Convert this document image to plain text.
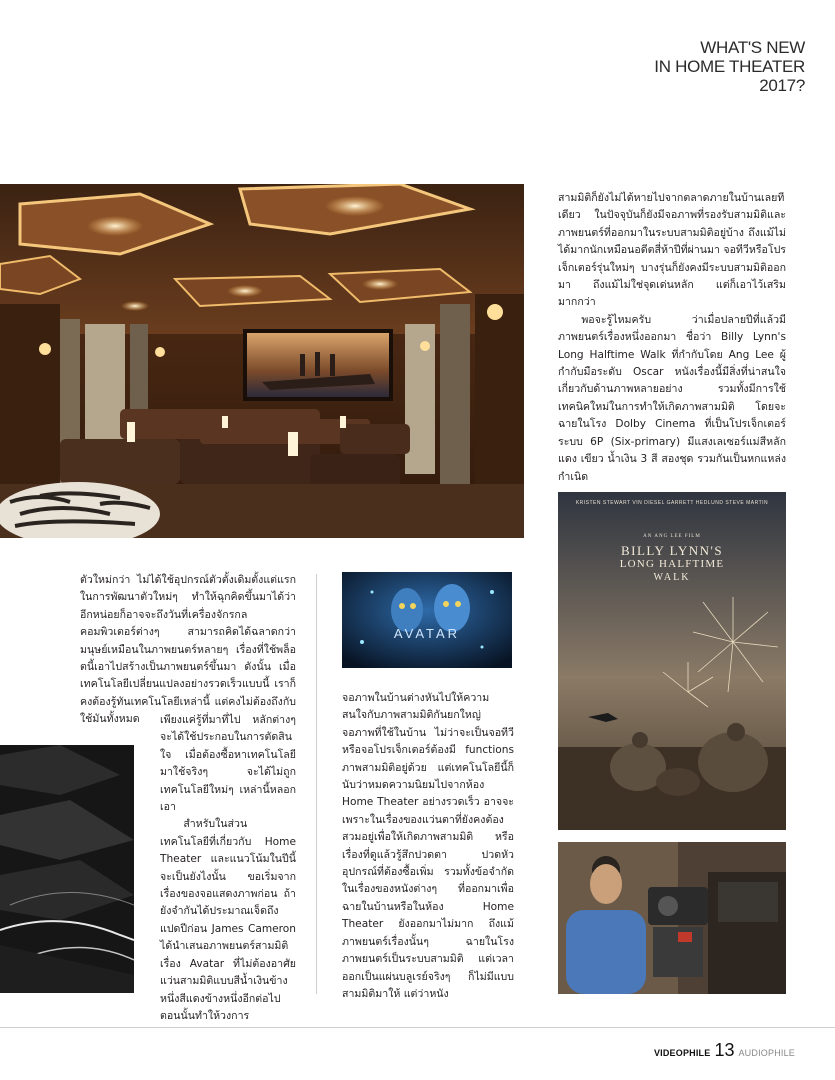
WHAT'S NEW
IN HOME THEATER
2017?

สามมิติก็ยังไม่ได้หายไปจากตลาดภายในบ้านเลยทีเดียว ในปัจจุบันก็ยังมีจอภาพที่รองรับสามมิติและภาพยนตร์ที่ออกมาในระบบสามมิติอยู่บ้าง ถึงแม้ไม่ได้มากนักเหมือนอดีตสี่ห้าปีที่ผ่านมา จอทีวีหรือโปรเจ็กเตอร์รุ่นใหม่ๆ บางรุ่นก็ยังคงมีระบบสามมิติออกมา ถึงแม้ไม่ใช่จุดเด่นหลัก แต่ก็เอาไว้เสริมมากกว่า

พอจะรู้ไหมครับ ว่าเมื่อปลายปีที่แล้วมีภาพยนตร์เรื่องหนึ่งออกมา ชื่อว่า Billy Lynn's Long Halftime Walk ที่กำกับโดย Ang Lee ผู้กำกับมือระดับ Oscar หนังเรื่องนี้มีสิ่งที่น่าสนใจเกี่ยวกับด้านภาพหลายอย่าง รวมทั้งมีการใช้เทคนิคใหม่ในการทำให้เกิดภาพสามมิติ โดยจะฉายในโรง Dolby Cinema ที่เป็นโปรเจ็กเตอร์ระบบ 6P (Six-primary) มีแสงเลเซอร์แม่สีหลัก แดง เขียว น้ำเงิน 3 สี สองชุด รวมกันเป็นหกแหล่งกำเนิด

KRISTEN STEWART VIN DIESEL GARRETT HEDLUND STEVE MARTIN
AN ANG LEE FILM
BILLY LYNN'S
LONG HALFTIME
WALK

ตัวใหม่กว่า ไม่ได้ใช้อุปกรณ์ตัวตั้งเดิมตั้งแต่แรกในการพัฒนาตัวใหม่ๆ ทำให้ฉุกคิดขึ้นมาได้ว่า อีกหน่อยก็อาจจะถึงวันที่เครื่องจักรกลคอมพิวเตอร์ต่างๆ สามารถคิดได้ฉลาดกว่ามนุษย์เหมือนในภาพยนตร์หลายๆ เรื่องที่ใช้พล็อตนี้เอาไปสร้างเป็นภาพยนตร์ขึ้นมา ดังนั้น เมื่อเทคโนโลยีเปลี่ยนแปลงอย่างรวดเร็วแบบนี้ เราก็คงต้องรู้ทันเทคโนโลยีเหล่านี้ แต่คงไม่ต้องถึงกับใช้มันทั้งหมด	เพียงแค่รู้ที่มาที่ไป หลักต่างๆ จะได้ใช้ประกอบในการตัดสินใจ เมื่อต้องซื้อหาเทคโนโลยีมาใช้จริงๆ จะได้ไม่ถูกเทคโนโลยีใหม่ๆ เหล่านี้หลอกเอา

สำหรับในส่วนเทคโนโลยีที่เกี่ยวกับ Home Theater และแนวโน้มในปีนี้จะเป็นยังไงนั้น ขอเริ่มจากเรื่องของจอแสดงภาพก่อน ถ้ายังจำกันได้ประมาณเจ็ดถึงแปดปีก่อน James Cameron ได้นำเสนอภาพยนตร์สามมิติเรื่อง Avatar ที่ไม่ต้องอาศัยแว่นสามมิติแบบสีน้ำเงินข้างหนึ่งสีแดงข้างหนึ่งอีกต่อไป ตอนนั้นทำให้วงการ

AVATAR

จอภาพในบ้านต่างหันไปให้ความสนใจกับภาพสามมิติกันยกใหญ่ จอภาพที่ใช้ในบ้าน ไม่ว่าจะเป็นจอทีวีหรือจอโปรเจ็กเตอร์ต้องมี functions ภาพสามมิติอยู่ด้วย แต่เทคโนโลยีนี้ก็นับว่าหมดความนิยมไปจากห้อง Home Theater อย่างรวดเร็ว อาจจะเพราะในเรื่องของแว่นตาที่ยังคงต้องสวมอยู่เพื่อให้เกิดภาพสามมิติ หรือเรื่องที่ดูแล้วรู้สึกปวดตา ปวดหัว อุปกรณ์ที่ต้องซื้อเพิ่ม รวมทั้งข้อจำกัดในเรื่องของหนังต่างๆ ที่ออกมาเพื่อฉายในบ้านหรือในห้อง Home Theater ยังออกมาไม่มาก ถึงแม้ภาพยนตร์เรื่องนั้นๆ ฉายในโรงภาพยนตร์เป็นระบบสามมิติ แต่เวลาออกเป็นแผ่นบลูเรย์จริงๆ ก็ไม่มีแบบสามมิติมาให้ แต่ว่าหนัง

VIDEOPHILE 13 AUDIOPHILE
